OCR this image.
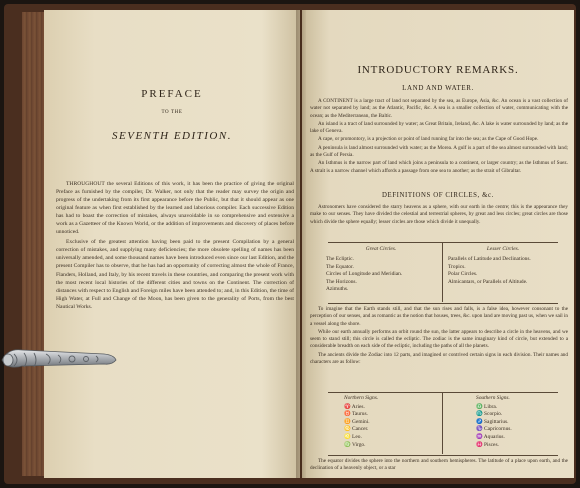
PREFACE
TO THE
SEVENTH EDITION.

THROUGHOUT the several Editions of this work, it has been the practice of giving the original Preface as furnished by the compiler, Dr. Walker, not only that the reader may survey the origin and progress of the undertaking from its first appearance before the Public, but that it should appear as one original feature as when first established by the learned and laborious compiler. Each successive Edition has had to boast the correction of mistakes, always unavoidable in so comprehensive and extensive a work as a Gazetteer of the Known World, or the addition of improvements and discovery of places before unnoticed.

Exclusive of the greatest attention having been paid to the present Compilation by a general correction of mistakes, and supplying many deficiencies; the more obsolete spelling of names has been universally amended, and some thousand names have been introduced even since our last Edition, and the present Compiler has to observe, that he has had an opportunity of correcting almost the whole of France, Flanders, Holland, and Italy, by his recent travels in these countries, and comparing the present work with the most recent local histories of the different cities and towns on the Continent. The correction of distances with respect to English and Foreign miles have been attended to; and, in this Edition, the time of High Water, at Full and Change of the Moon, has been given to the generality of Ports, from the best Nautical Works.

INTRODUCTORY REMARKS.
LAND AND WATER.

A CONTINENT is a large tract of land not separated by the sea, as Europe, Asia, &c. An ocean is a vast collection of water not separated by land; as the Atlantic, Pacific, &c. A sea is a smaller collection of water, communicating with the ocean; as the Mediterranean, the Baltic.

An island is a tract of land surrounded by water; as Great Britain, Ireland, &c. A lake is water surrounded by land; as the lake of Geneva.

A cape, or promontory, is a projection or point of land running far into the sea; as the Cape of Good Hope.

A peninsula is land almost surrounded with water; as the Morea. A gulf is a part of the sea almost surrounded with land; as the Gulf of Persia.

An Isthmus is the narrow part of land which joins a peninsula to a continent, or larger country; as the Isthmus of Suez. A strait is a narrow channel which affords a passage from one sea to another; as the strait of Gibraltar.

DEFINITIONS OF CIRCLES, &c.

Astronomers have considered the starry heavens as a sphere, with our earth in the centre; this is the appearance they make to our senses. They have divided the celestial and terrestrial spheres, by great and less circles; great circles are those which divide the sphere equally; lesser circles are those which divide it unequally.

Great Circles.
The Ecliptic.
The Equator.
Circles of Longitude and Meridian.
The Horizons.
Azimuths.
Lesser Circles.
Parallels of Latitude and Declinations.
Tropics.
Polar Circles.
Almicantars, or Parallels of Altitude.

To imagine that the Earth stands still, and that the sun rises and falls, is a false idea, however consonant to the perception of our senses, and as romantic as the notion that houses, trees, &c. upon land are moving past us, when we sail in a vessel along the shore.

While our earth annually performs an orbit round the sun, the latter appears to describe a circle in the heavens, and we seem to stand still; this circle is called the ecliptic. The zodiac is the same imaginary kind of circle, but extended to a considerable breadth on each side of the ecliptic, including the paths of all the planets.

The ancients divide the Zodiac into 12 parts, and imagined or contrived certain signs in each division. Their names and characters are as follow:

Northern Signs.
♈ Aries.
♉ Taurus.
♊ Gemini.
♋ Cancer.
♌ Leo.
♍ Virgo.
Southern Signs.
♎ Libra.
♏ Scorpio.
♐ Sagittarius.
♑ Capricornus.
♒ Aquarius.
♓ Pisces.

The equator divides the sphere into the northern and southern hemispheres. The latitude of a place upon earth, and the declination of a heavenly object, or a star
